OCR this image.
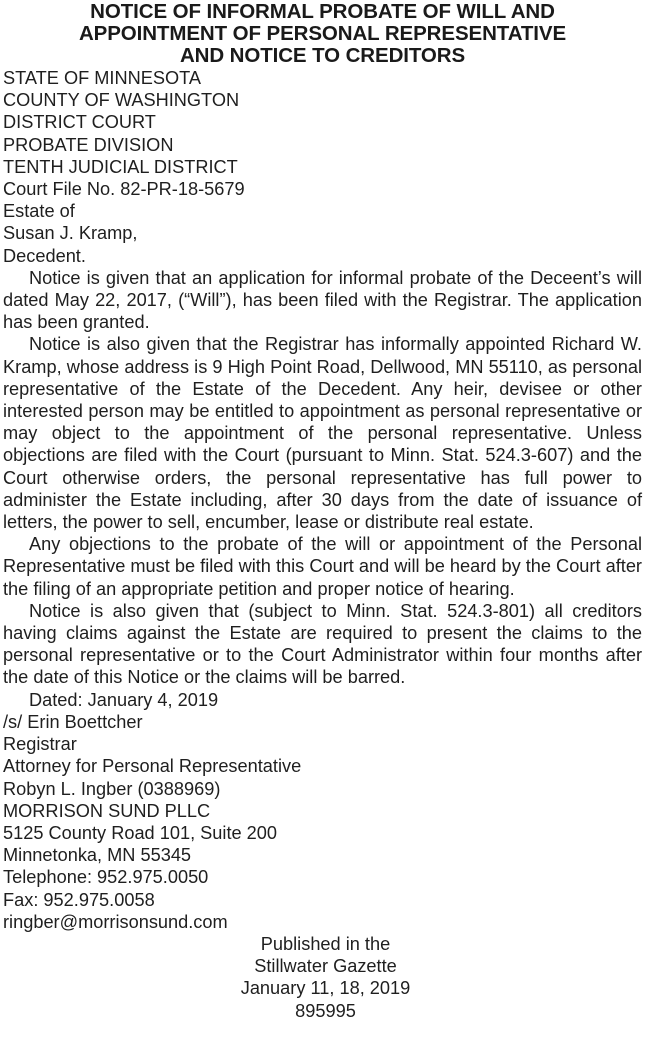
NOTICE OF INFORMAL PROBATE OF WILL AND
APPOINTMENT OF PERSONAL REPRESENTATIVE
AND NOTICE TO CREDITORS
STATE OF MINNESOTA
COUNTY OF WASHINGTON
DISTRICT COURT
PROBATE DIVISION
TENTH JUDICIAL DISTRICT
Court File No. 82-PR-18-5679
Estate of
Susan J. Kramp,
Decedent.

Notice is given that an application for informal probate of the Deceent’s will dated May 22, 2017, (“Will”), has been filed with the Registrar. The application has been granted.

Notice is also given that the Registrar has informally appointed Richard W. Kramp, whose address is 9 High Point Road, Dellwood, MN 55110, as personal representative of the Estate of the Decedent. Any heir, devisee or other interested person may be entitled to appointment as personal representative or may object to the appointment of the personal representative. Unless objections are filed with the Court (pursuant to Minn. Stat. 524.3-607) and the Court otherwise orders, the personal representative has full power to administer the Estate including, after 30 days from the date of issuance of letters, the power to sell, encumber, lease or distribute real estate.

Any objections to the probate of the will or appointment of the Personal Representative must be filed with this Court and will be heard by the Court after the filing of an appropriate petition and proper notice of hearing.

Notice is also given that (subject to Minn. Stat. 524.3-801) all creditors having claims against the Estate are required to present the claims to the personal representative or to the Court Administrator within four months after the date of this Notice or the claims will be barred.

Dated: January 4, 2019
/s/ Erin Boettcher
Registrar
Attorney for Personal Representative
Robyn L. Ingber (0388969)
MORRISON SUND PLLC
5125 County Road 101, Suite 200
Minnetonka, MN 55345
Telephone: 952.975.0050
Fax: 952.975.0058
ringber@morrisonsund.com
Published in the
Stillwater Gazette
January 11, 18, 2019
895995
